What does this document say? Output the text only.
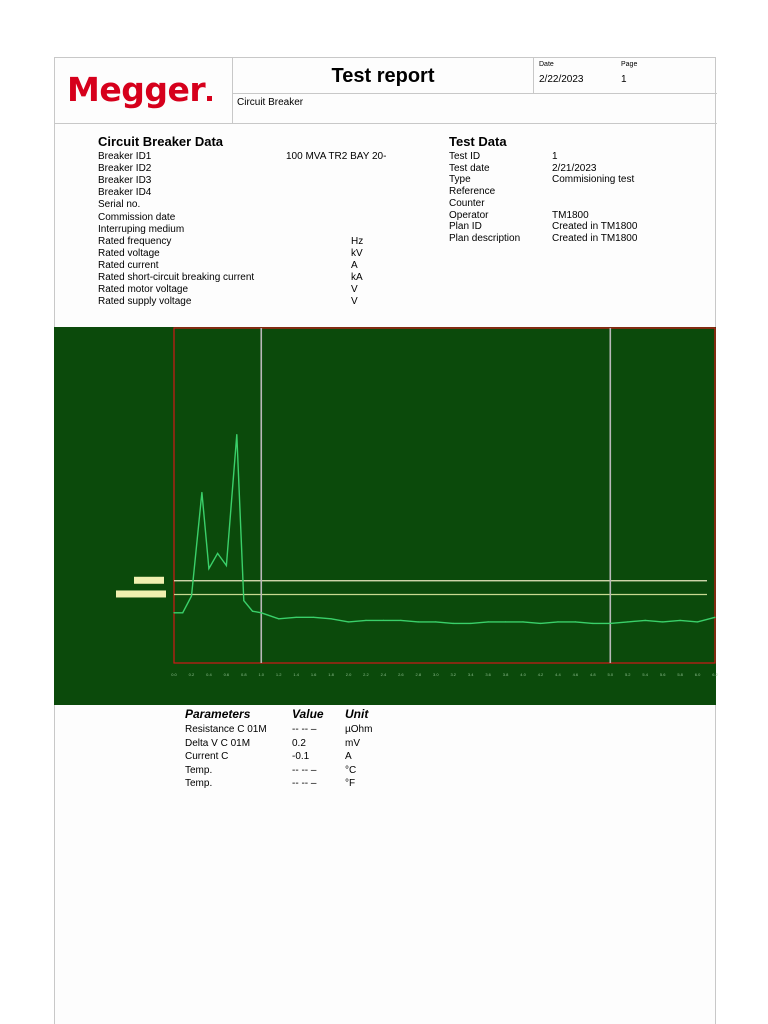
Megger	Test report
Date
2/22/2023
Page
1
Circuit Breaker
Circuit Breaker Data
Breaker ID1	100 MVA TR2 BAY 20-
Breaker ID2
Breaker ID3
Breaker ID4
Serial no.
Commission date
Interruping medium
Rated frequency	Hz
Rated voltage	kV
Rated current	A
Rated short-circuit breaking current	kA
Rated motor voltage	V
Rated supply voltage	V
Test Data
Test ID	1
Test date	2/21/2023
Type	Commisioning test
Reference
Counter
Operator	TM1800
Plan ID	Created in TM1800
Plan description	Created in TM1800
0.0	0.2	0.4	0.6	0.8	1.0	1.2	1.4	1.6	1.8	2.0	2.2	2.4	2.6	2.8	3.0	3.2	3.4	3.6	3.8	4.0	4.2	4.4	4.6	4.8	5.0	5.2	5.4	5.6	5.8	6.0	6.2
Parameters	Value Unit
Resistance C 01M	-- -- –	µOhm
Delta V C 01M	0.2	mV
Current C	-0.1	A
Temp.	-- -- –	°C
Temp.	-- -- –	°F
